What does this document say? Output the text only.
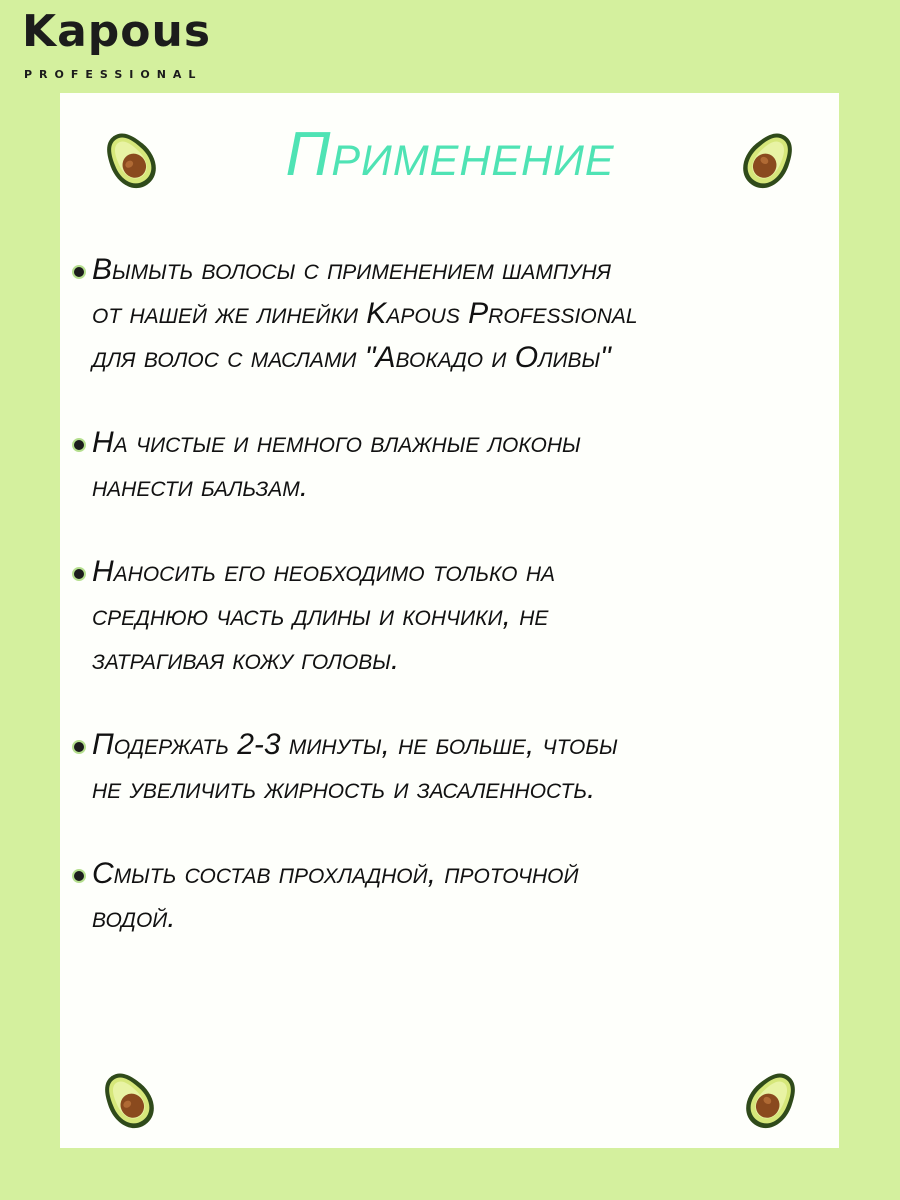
Kapous
PROFESSIONAL
Применение
Вымыть волосы с применением шампуня
от нашей же линейки Kapous Professional
для волос с маслами "Авокадо и Оливы"
На чистые и немного влажные локоны
нанести бальзам.
Наносить его необходимо только на
среднюю часть длины и кончики, не
затрагивая кожу головы.
Подержать 2-3 минуты, не больше, чтобы
не увеличить жирность и засаленность.
Смыть состав прохладной, проточной
водой.
